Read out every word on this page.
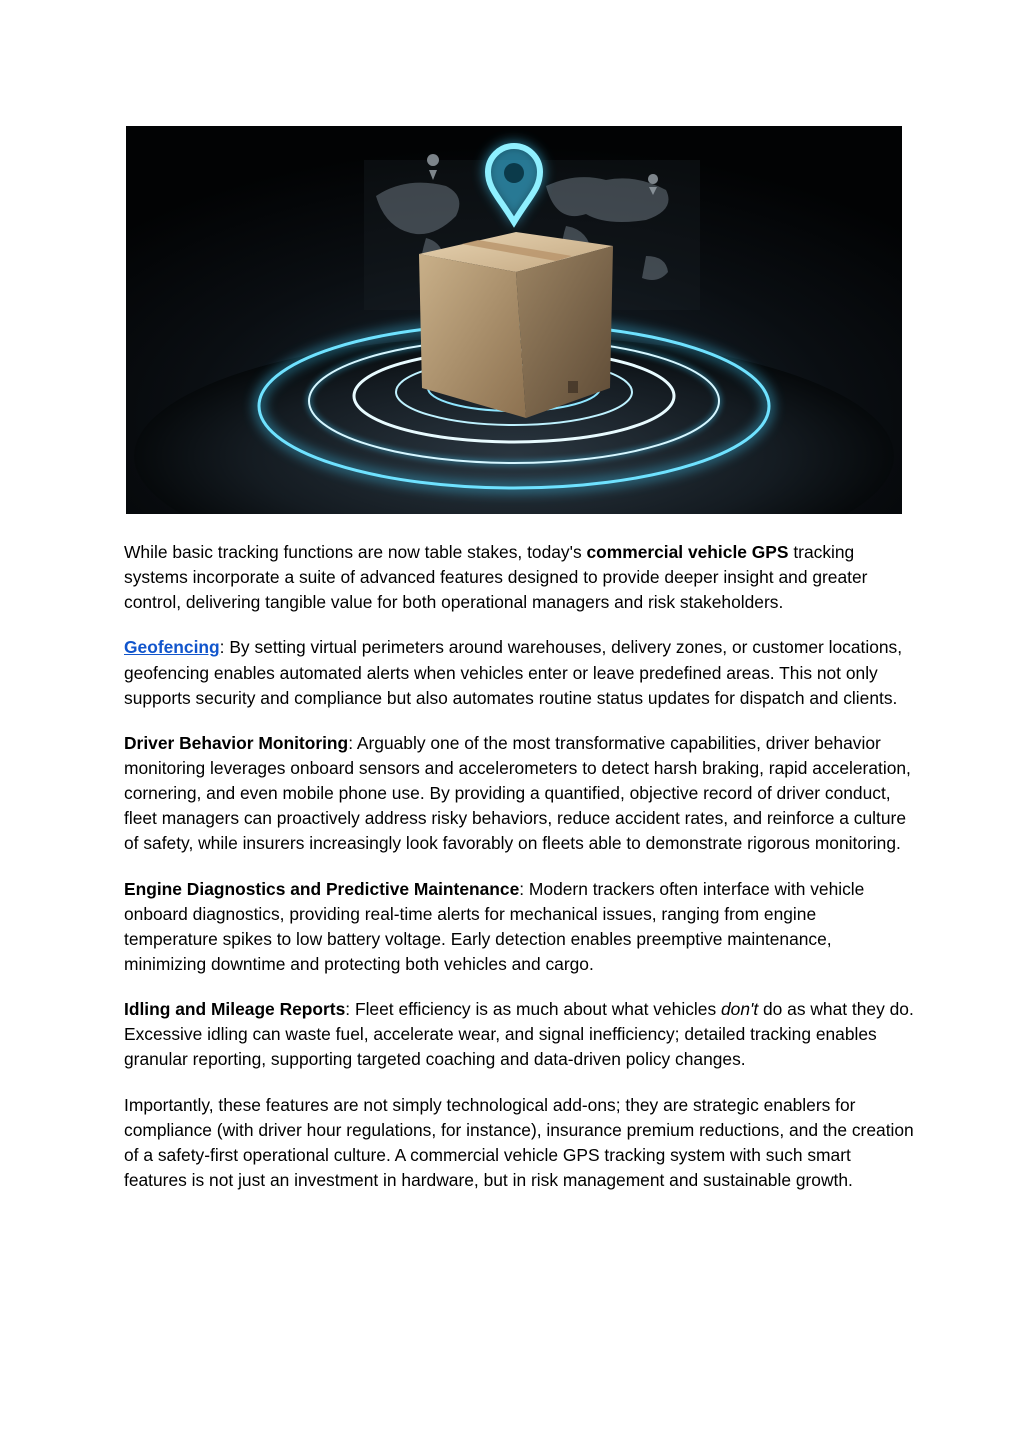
While basic tracking functions are now table stakes, today's commercial vehicle GPS tracking systems incorporate a suite of advanced features designed to provide deeper insight and greater control, delivering tangible value for both operational managers and risk stakeholders.

Geofencing: By setting virtual perimeters around warehouses, delivery zones, or customer locations, geofencing enables automated alerts when vehicles enter or leave predefined areas. This not only supports security and compliance but also automates routine status updates for dispatch and clients.

Driver Behavior Monitoring: Arguably one of the most transformative capabilities, driver behavior monitoring leverages onboard sensors and accelerometers to detect harsh braking, rapid acceleration, cornering, and even mobile phone use. By providing a quantified, objective record of driver conduct, fleet managers can proactively address risky behaviors, reduce accident rates, and reinforce a culture of safety, while insurers increasingly look favorably on fleets able to demonstrate rigorous monitoring.

Engine Diagnostics and Predictive Maintenance: Modern trackers often interface with vehicle onboard diagnostics, providing real-time alerts for mechanical issues, ranging from engine temperature spikes to low battery voltage. Early detection enables preemptive maintenance, minimizing downtime and protecting both vehicles and cargo.

Idling and Mileage Reports: Fleet efficiency is as much about what vehicles don't do as what they do. Excessive idling can waste fuel, accelerate wear, and signal inefficiency; detailed tracking enables granular reporting, supporting targeted coaching and data-driven policy changes.

Importantly, these features are not simply technological add-ons; they are strategic enablers for compliance (with driver hour regulations, for instance), insurance premium reductions, and the creation of a safety-first operational culture. A commercial vehicle GPS tracking system with such smart features is not just an investment in hardware, but in risk management and sustainable growth.
